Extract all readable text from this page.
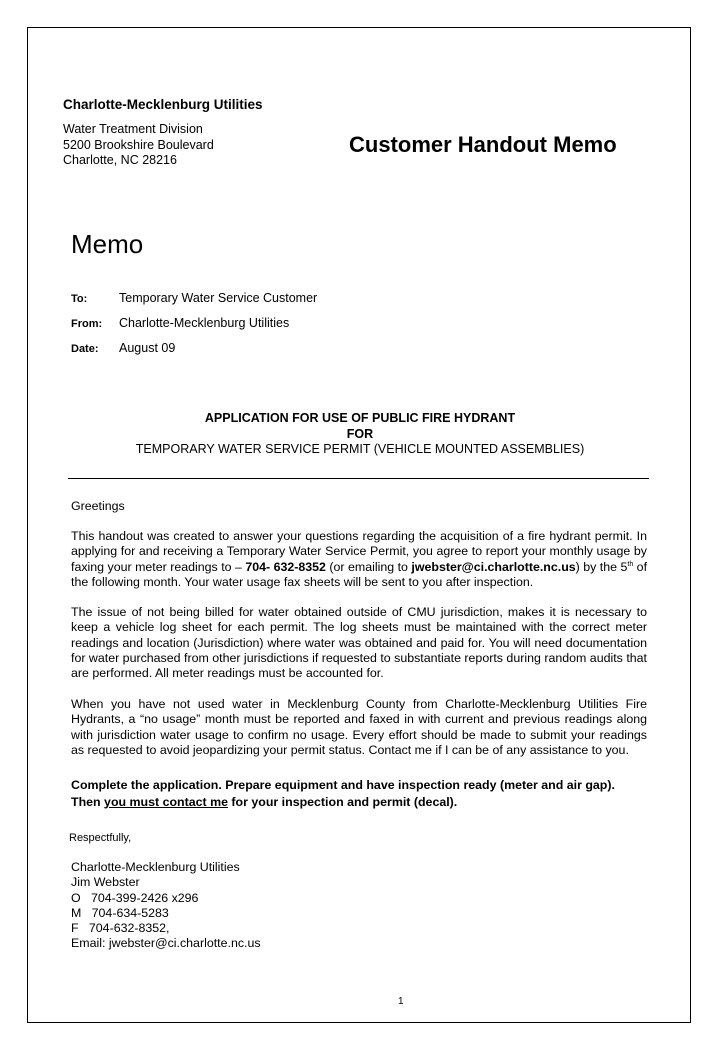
Charlotte-Mecklenburg Utilities
Water Treatment Division
5200 Brookshire Boulevard
Charlotte, NC 28216
Customer Handout Memo
Memo
To:	Temporary Water Service Customer
From: Charlotte-Mecklenburg Utilities
Date: August 09
APPLICATION FOR USE OF PUBLIC FIRE HYDRANT
FOR
TEMPORARY WATER SERVICE PERMIT (VEHICLE MOUNTED ASSEMBLIES)
Greetings
This handout was created to answer your questions regarding the acquisition of a fire hydrant permit. In applying for and receiving a Temporary Water Service Permit, you agree to report your monthly usage by faxing your meter readings to – 704- 632-8352 (or emailing to jwebster@ci.charlotte.nc.us) by the 5th of the following month. Your water usage fax sheets will be sent to you after inspection.
The issue of not being billed for water obtained outside of CMU jurisdiction, makes it is necessary to keep a vehicle log sheet for each permit. The log sheets must be maintained with the correct meter readings and location (Jurisdiction) where water was obtained and paid for. You will need documentation for water purchased from other jurisdictions if requested to substantiate reports during random audits that are performed. All meter readings must be accounted for.
When you have not used water in Mecklenburg County from Charlotte-Mecklenburg Utilities Fire Hydrants, a “no usage” month must be reported and faxed in with current and previous readings along with jurisdiction water usage to confirm no usage. Every effort should be made to submit your readings as requested to avoid jeopardizing your permit status. Contact me if I can be of any assistance to you.
Complete the application. Prepare equipment and have inspection ready (meter and air gap).
Then you must contact me for your inspection and permit (decal).
Respectfully,
Charlotte-Mecklenburg Utilities
Jim Webster
O   704-399-2426 x296
M   704-634-5283
F   704-632-8352,
Email: jwebster@ci.charlotte.nc.us
1
